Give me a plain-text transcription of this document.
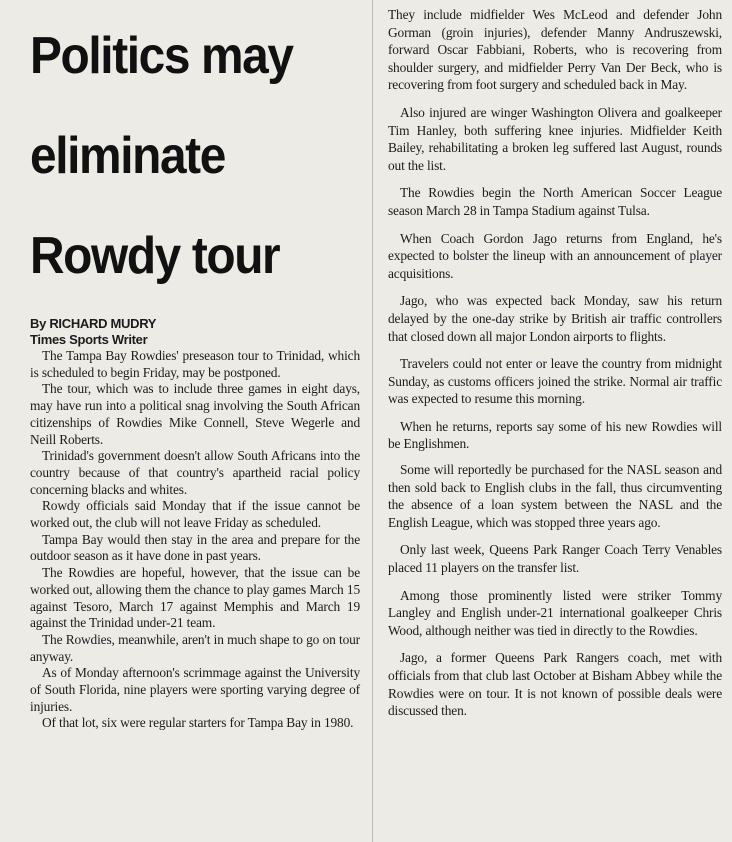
Politics may
eliminate
Rowdy tour
By RICHARD MUDRY
Times Sports Writer

The Tampa Bay Rowdies' preseason tour to Trinidad, which is scheduled to begin Friday, may be postponed.

The tour, which was to include three games in eight days, may have run into a political snag involving the South African citizenships of Rowdies Mike Connell, Steve Wegerle and Neill Roberts.

Trinidad's government doesn't allow South Africans into the country because of that country's apartheid racial policy concerning blacks and whites.

Rowdy officials said Monday that if the issue cannot be worked out, the club will not leave Friday as scheduled.

Tampa Bay would then stay in the area and prepare for the outdoor season as it have done in past years.

The Rowdies are hopeful, however, that the issue can be worked out, allowing them the chance to play games March 15 against Tesoro, March 17 against Memphis and March 19 against the Trinidad under-21 team.

The Rowdies, meanwhile, aren't in much shape to go on tour anyway.

As of Monday afternoon's scrimmage against the University of South Florida, nine players were sporting varying degree of injuries.

Of that lot, six were regular starters for Tampa Bay in 1980.

They include midfielder Wes McLeod and defender John Gorman (groin injuries), defender Manny Andruszewski, forward Oscar Fabbiani, Roberts, who is recovering from shoulder surgery, and midfielder Perry Van Der Beck, who is recovering from foot surgery and scheduled back in May.

Also injured are winger Washington Olivera and goalkeeper Tim Hanley, both suffering knee injuries. Midfielder Keith Bailey, rehabilitating a broken leg suffered last August, rounds out the list.

The Rowdies begin the North American Soccer League season March 28 in Tampa Stadium against Tulsa.

When Coach Gordon Jago returns from England, he's expected to bolster the lineup with an announcement of player acquisitions.

Jago, who was expected back Monday, saw his return delayed by the one-day strike by British air traffic controllers that closed down all major London airports to flights.

Travelers could not enter or leave the country from midnight Sunday, as customs officers joined the strike. Normal air traffic was expected to resume this morning.

When he returns, reports say some of his new Rowdies will be Englishmen.

Some will reportedly be purchased for the NASL season and then sold back to English clubs in the fall, thus circumventing the absence of a loan system between the NASL and the English League, which was stopped three years ago.

Only last week, Queens Park Ranger Coach Terry Venables placed 11 players on the transfer list.

Among those prominently listed were striker Tommy Langley and English under-21 international goalkeeper Chris Wood, although neither was tied in directly to the Rowdies.

Jago, a former Queens Park Rangers coach, met with officials from that club last October at Bisham Abbey while the Rowdies were on tour. It is not known of possible deals were discussed then.
